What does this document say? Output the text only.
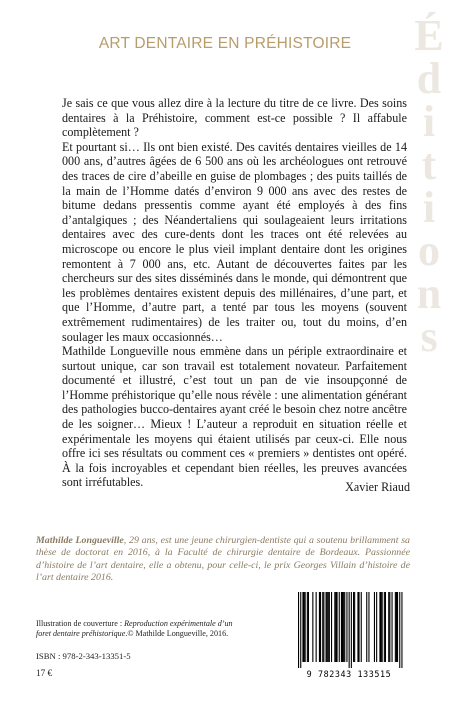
É
d
i
t
i
o
n
s
ART DENTAIRE EN PRÉHISTOIRE

Je sais ce que vous allez dire à la lecture du titre de ce livre. Des soins dentaires à la Préhistoire, comment est-ce possible ? Il affabule complètement ?

Et pourtant si… Ils ont bien existé. Des cavités dentaires vieilles de 14 000 ans, d’autres âgées de 6 500 ans où les archéologues ont retrouvé des traces de cire d’abeille en guise de plombages ; des puits taillés de la main de l’Homme datés d’environ 9 000 ans avec des restes de bitume dedans pressentis comme ayant été employés à des fins d’antalgiques ; des Néandertaliens qui soulageaient leurs irritations dentaires avec des cure-dents dont les traces ont été relevées au microscope ou encore le plus vieil implant dentaire dont les origines remontent à 7 000 ans, etc. Autant de découvertes faites par les chercheurs sur des sites disséminés dans le monde, qui démontrent que les problèmes dentaires existent depuis des millénaires, d’une part, et que l’Homme, d’autre part, a tenté par tous les moyens (souvent extrêmement rudimentaires) de les traiter ou, tout du moins, d’en soulager les maux occasionnés…

Mathilde Longueville nous emmène dans un périple extraordinaire et surtout unique, car son travail est totalement novateur. Parfaitement documenté et illustré, c’est tout un pan de vie insoupçonné de l’Homme préhistorique qu’elle nous révèle : une alimentation générant des pathologies bucco-dentaires ayant créé le besoin chez notre ancêtre de les soigner… Mieux ! L’auteur a reproduit en situation réelle et expérimentale les moyens qui étaient utilisés par ceux-ci. Elle nous offre ici ses résultats ou comment ces « premiers » dentistes ont opéré. À la fois incroyables et cependant bien réelles, les preuves avancées sont irréfutables.	Xavier Riaud
Mathilde Longueville, 29 ans, est une jeune chirurgien-dentiste qui a soutenu brillamment sa thèse de doctorat en 2016, à la Faculté de chirurgie dentaire de Bordeaux. Passionnée d’histoire de l’art dentaire, elle a obtenu, pour celle-ci, le prix Georges Villain d’histoire de l’art dentaire 2016.
Illustration de couverture : Reproduction expérimentale d’un foret dentaire préhistorique.© Mathilde Longueville, 2016.
ISBN : 978-2-343-13351-5
17 €	9 782343 133515
